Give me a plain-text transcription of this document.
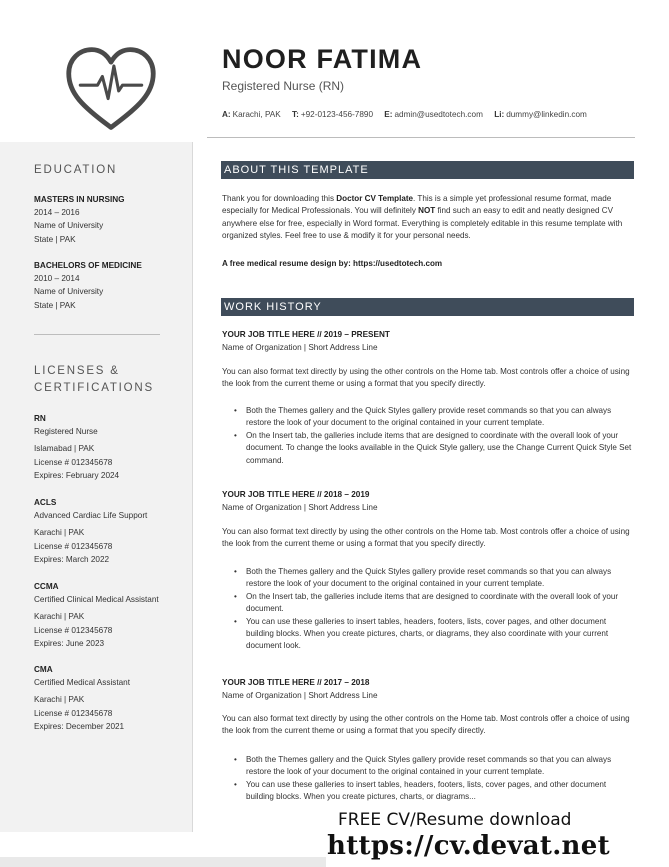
NOOR FATIMA
Registered Nurse (RN)
A: Karachi, PAK T: +92-0123-456-7890 E: admin@usedtotech.com Li: dummy@linkedin.com
EDUCATION
MASTERS IN NURSING
2014 – 2016
Name of University
State | PAK
BACHELORS OF MEDICINE
2010 – 2014
Name of University
State | PAK
LICENSES &
CERTIFICATIONS
RN
Registered Nurse
Islamabad | PAK
License # 012345678
Expires: February 2024
ACLS
Advanced Cardiac Life Support
Karachi | PAK
License # 012345678
Expires: March 2022
CCMA
Certified Clinical Medical Assistant
Karachi | PAK
License # 012345678
Expires: June 2023
CMA
Certified Medical Assistant
Karachi | PAK
License # 012345678
Expires: December 2021
ABOUT THIS TEMPLATE
Thank you for downloading this Doctor CV Template. This is a simple yet professional resume format, made especially for Medical Professionals. You will definitely NOT find such an easy to edit and neatly designed CV anywhere else for free, especially in Word format. Everything is completely editable in this resume template with organized styles. Feel free to use & modify it for your personal needs.
A free medical resume design by: https://usedtotech.com
WORK HISTORY
YOUR JOB TITLE HERE // 2019 – PRESENT
Name of Organization | Short Address Line
You can also format text directly by using the other controls on the Home tab. Most controls offer a choice of using the look from the current theme or using a format that you specify directly.
• Both the Themes gallery and the Quick Styles gallery provide reset commands so that you can always restore the look of your document to the original contained in your current template.
• On the Insert tab, the galleries include items that are designed to coordinate with the overall look of your document. To change the looks available in the Quick Style gallery, use the Change Current Quick Style Set command.
YOUR JOB TITLE HERE // 2018 – 2019
Name of Organization | Short Address Line
You can also format text directly by using the other controls on the Home tab. Most controls offer a choice of using the look from the current theme or using a format that you specify directly.
• Both the Themes gallery and the Quick Styles gallery provide reset commands so that you can always restore the look of your document to the original contained in your current template.
• On the Insert tab, the galleries include items that are designed to coordinate with the overall look of your document.
• You can use these galleries to insert tables, headers, footers, lists, cover pages, and other document building blocks. When you create pictures, charts, or diagrams, they also coordinate with your current document look.
YOUR JOB TITLE HERE // 2017 – 2018
Name of Organization | Short Address Line
You can also format text directly by using the other controls on the Home tab. Most controls offer a choice of using the look from the current theme or using a format that you specify directly.
• Both the Themes gallery and the Quick Styles gallery provide reset commands so that you can always restore the look of your document to the original contained in your current template.
• You can use these galleries to insert tables, headers, footers, lists, cover pages, and other document building blocks. When you create pictures, charts, or diagrams...
FREE CV/Resume download
https://cv.devat.net
